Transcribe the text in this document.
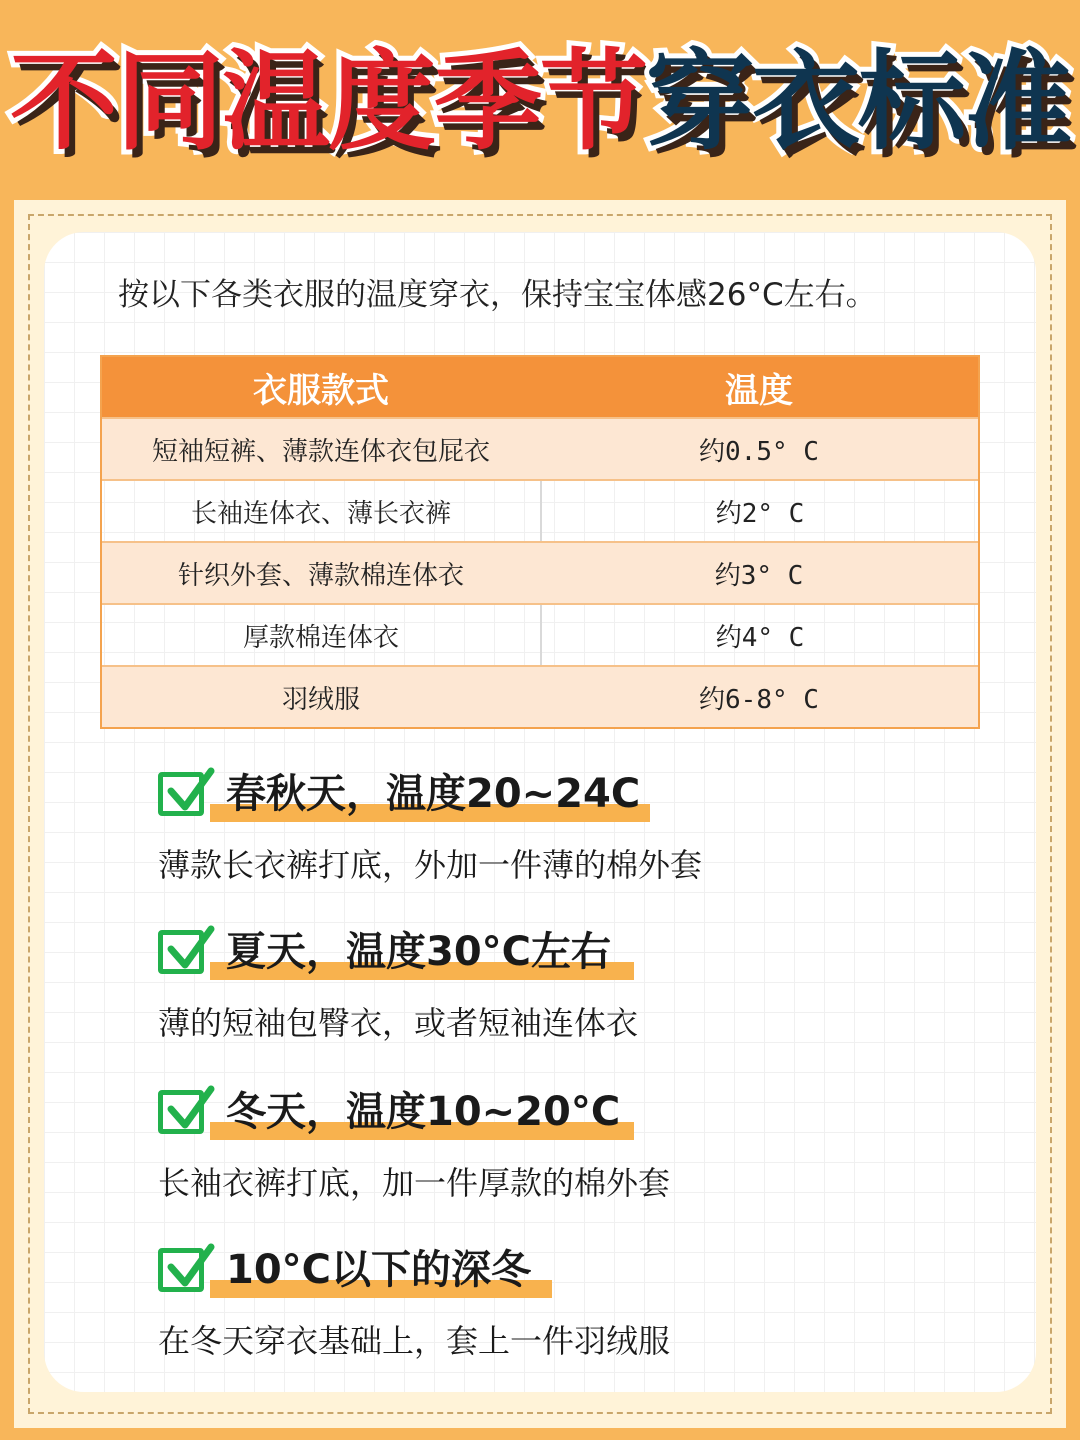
不同温度季节穿衣标准
按以下各类衣服的温度穿衣，保持宝宝体感26°C左右。
衣服款式	温度
短袖短裤、薄款连体衣包屁衣	约0.5° C
长袖连体衣、薄长衣裤	约2° C
针织外套、薄款棉连体衣	约3° C
厚款棉连体衣	约4° C
羽绒服	约6-8° C
春秋天，温度20~24C
薄款长衣裤打底，外加一件薄的棉外套
夏天，温度30°C左右
薄的短袖包臀衣，或者短袖连体衣
冬天，温度10~20°C
长袖衣裤打底，加一件厚款的棉外套
10°C以下的深冬
在冬天穿衣基础上，套上一件羽绒服
